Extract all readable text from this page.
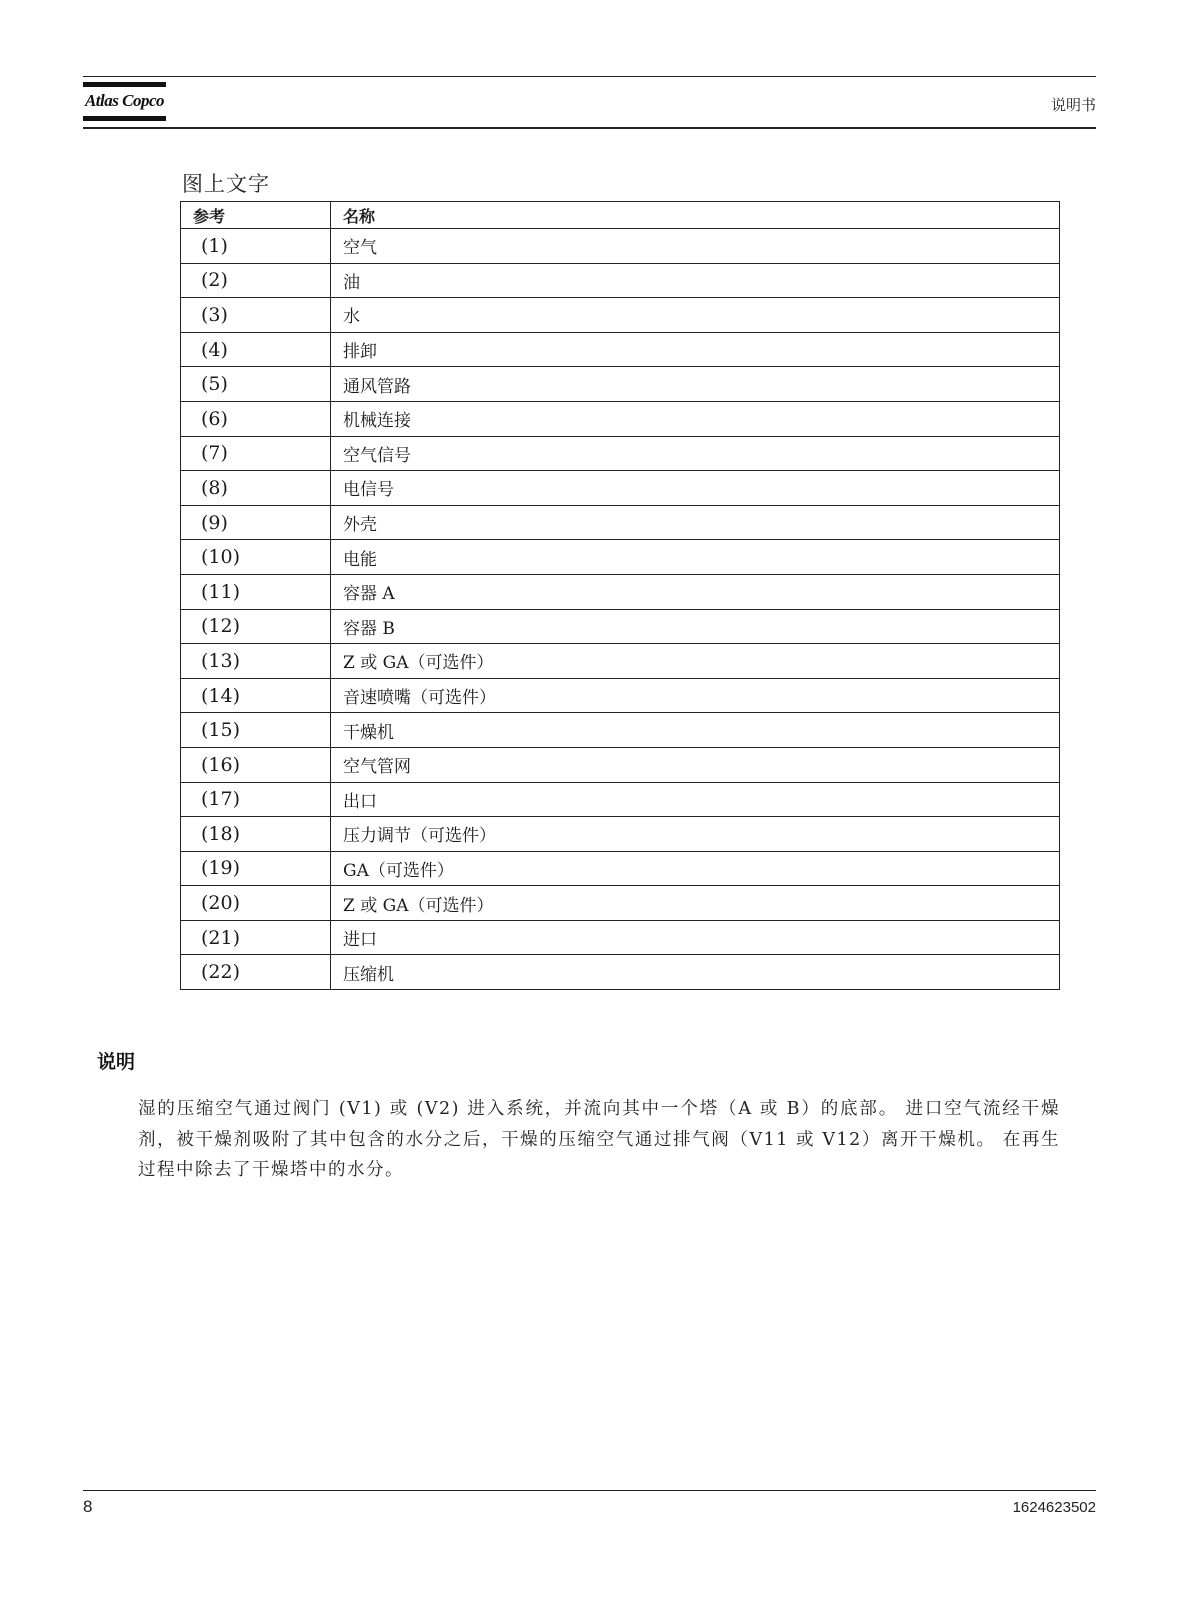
Atlas Copco	说明书
图上文字
参考	名称
(1)	空气
(2)	油
(3)	水
(4)	排卸
(5)	通风管路
(6)	机械连接
(7)	空气信号
(8)	电信号
(9)	外壳
(10)	电能
(11)	容器 A
(12)	容器 B
(13)	Z 或 GA（可选件）
(14)	音速喷嘴（可选件）
(15)	干燥机
(16)	空气管网
(17)	出口
(18)	压力调节（可选件）
(19)	GA（可选件）
(20)	Z 或 GA（可选件）
(21)	进口
(22)	压缩机
说明
湿的压缩空气通过阀门 (V1) 或 (V2) 进入系统，并流向其中一个塔（A 或 B）的底部。 进口空气流经干燥剂，被干燥剂吸附了其中包含的水分之后，干燥的压缩空气通过排气阀（V11 或 V12）离开干燥机。 在再生过程中除去了干燥塔中的水分。
8	1624623502
